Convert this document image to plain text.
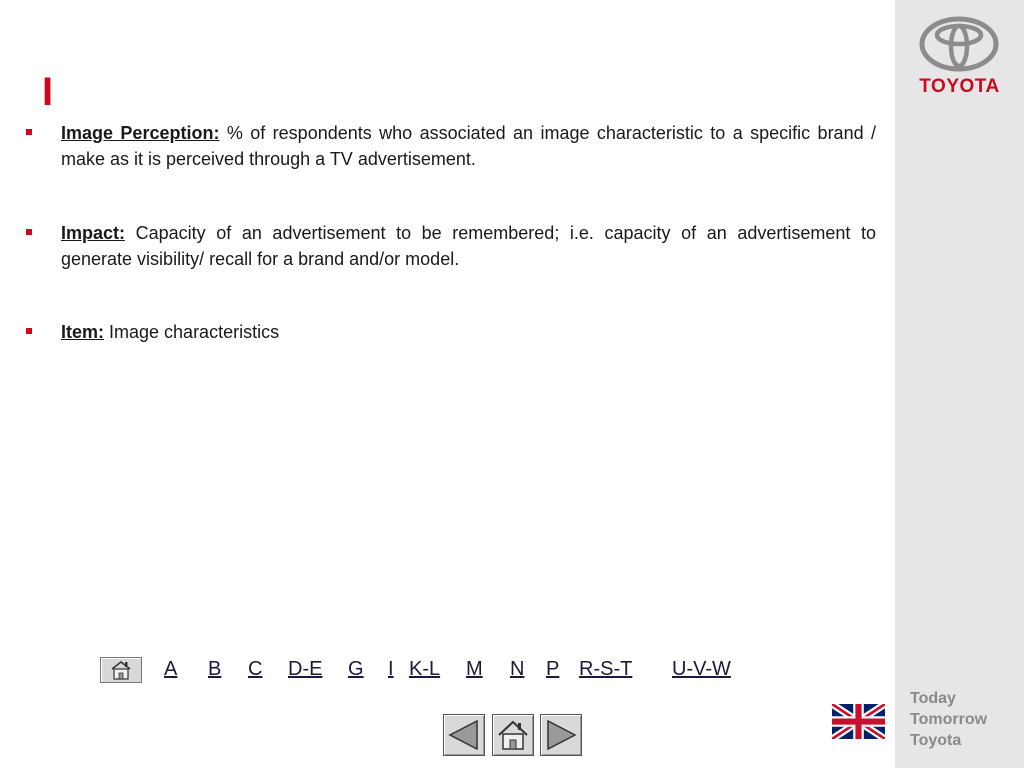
I
Image Perception: % of respondents who associated an image characteristic to a specific brand / make as it is perceived through a TV advertisement.
Impact: Capacity of an advertisement to be remembered; i.e. capacity of an advertisement to generate visibility/ recall for a brand and/or model.
Item: Image characteristics
A B C D-E G I K-L M N P R-S-T U-V-W
TOYOTA
Today
Tomorrow
Toyota
